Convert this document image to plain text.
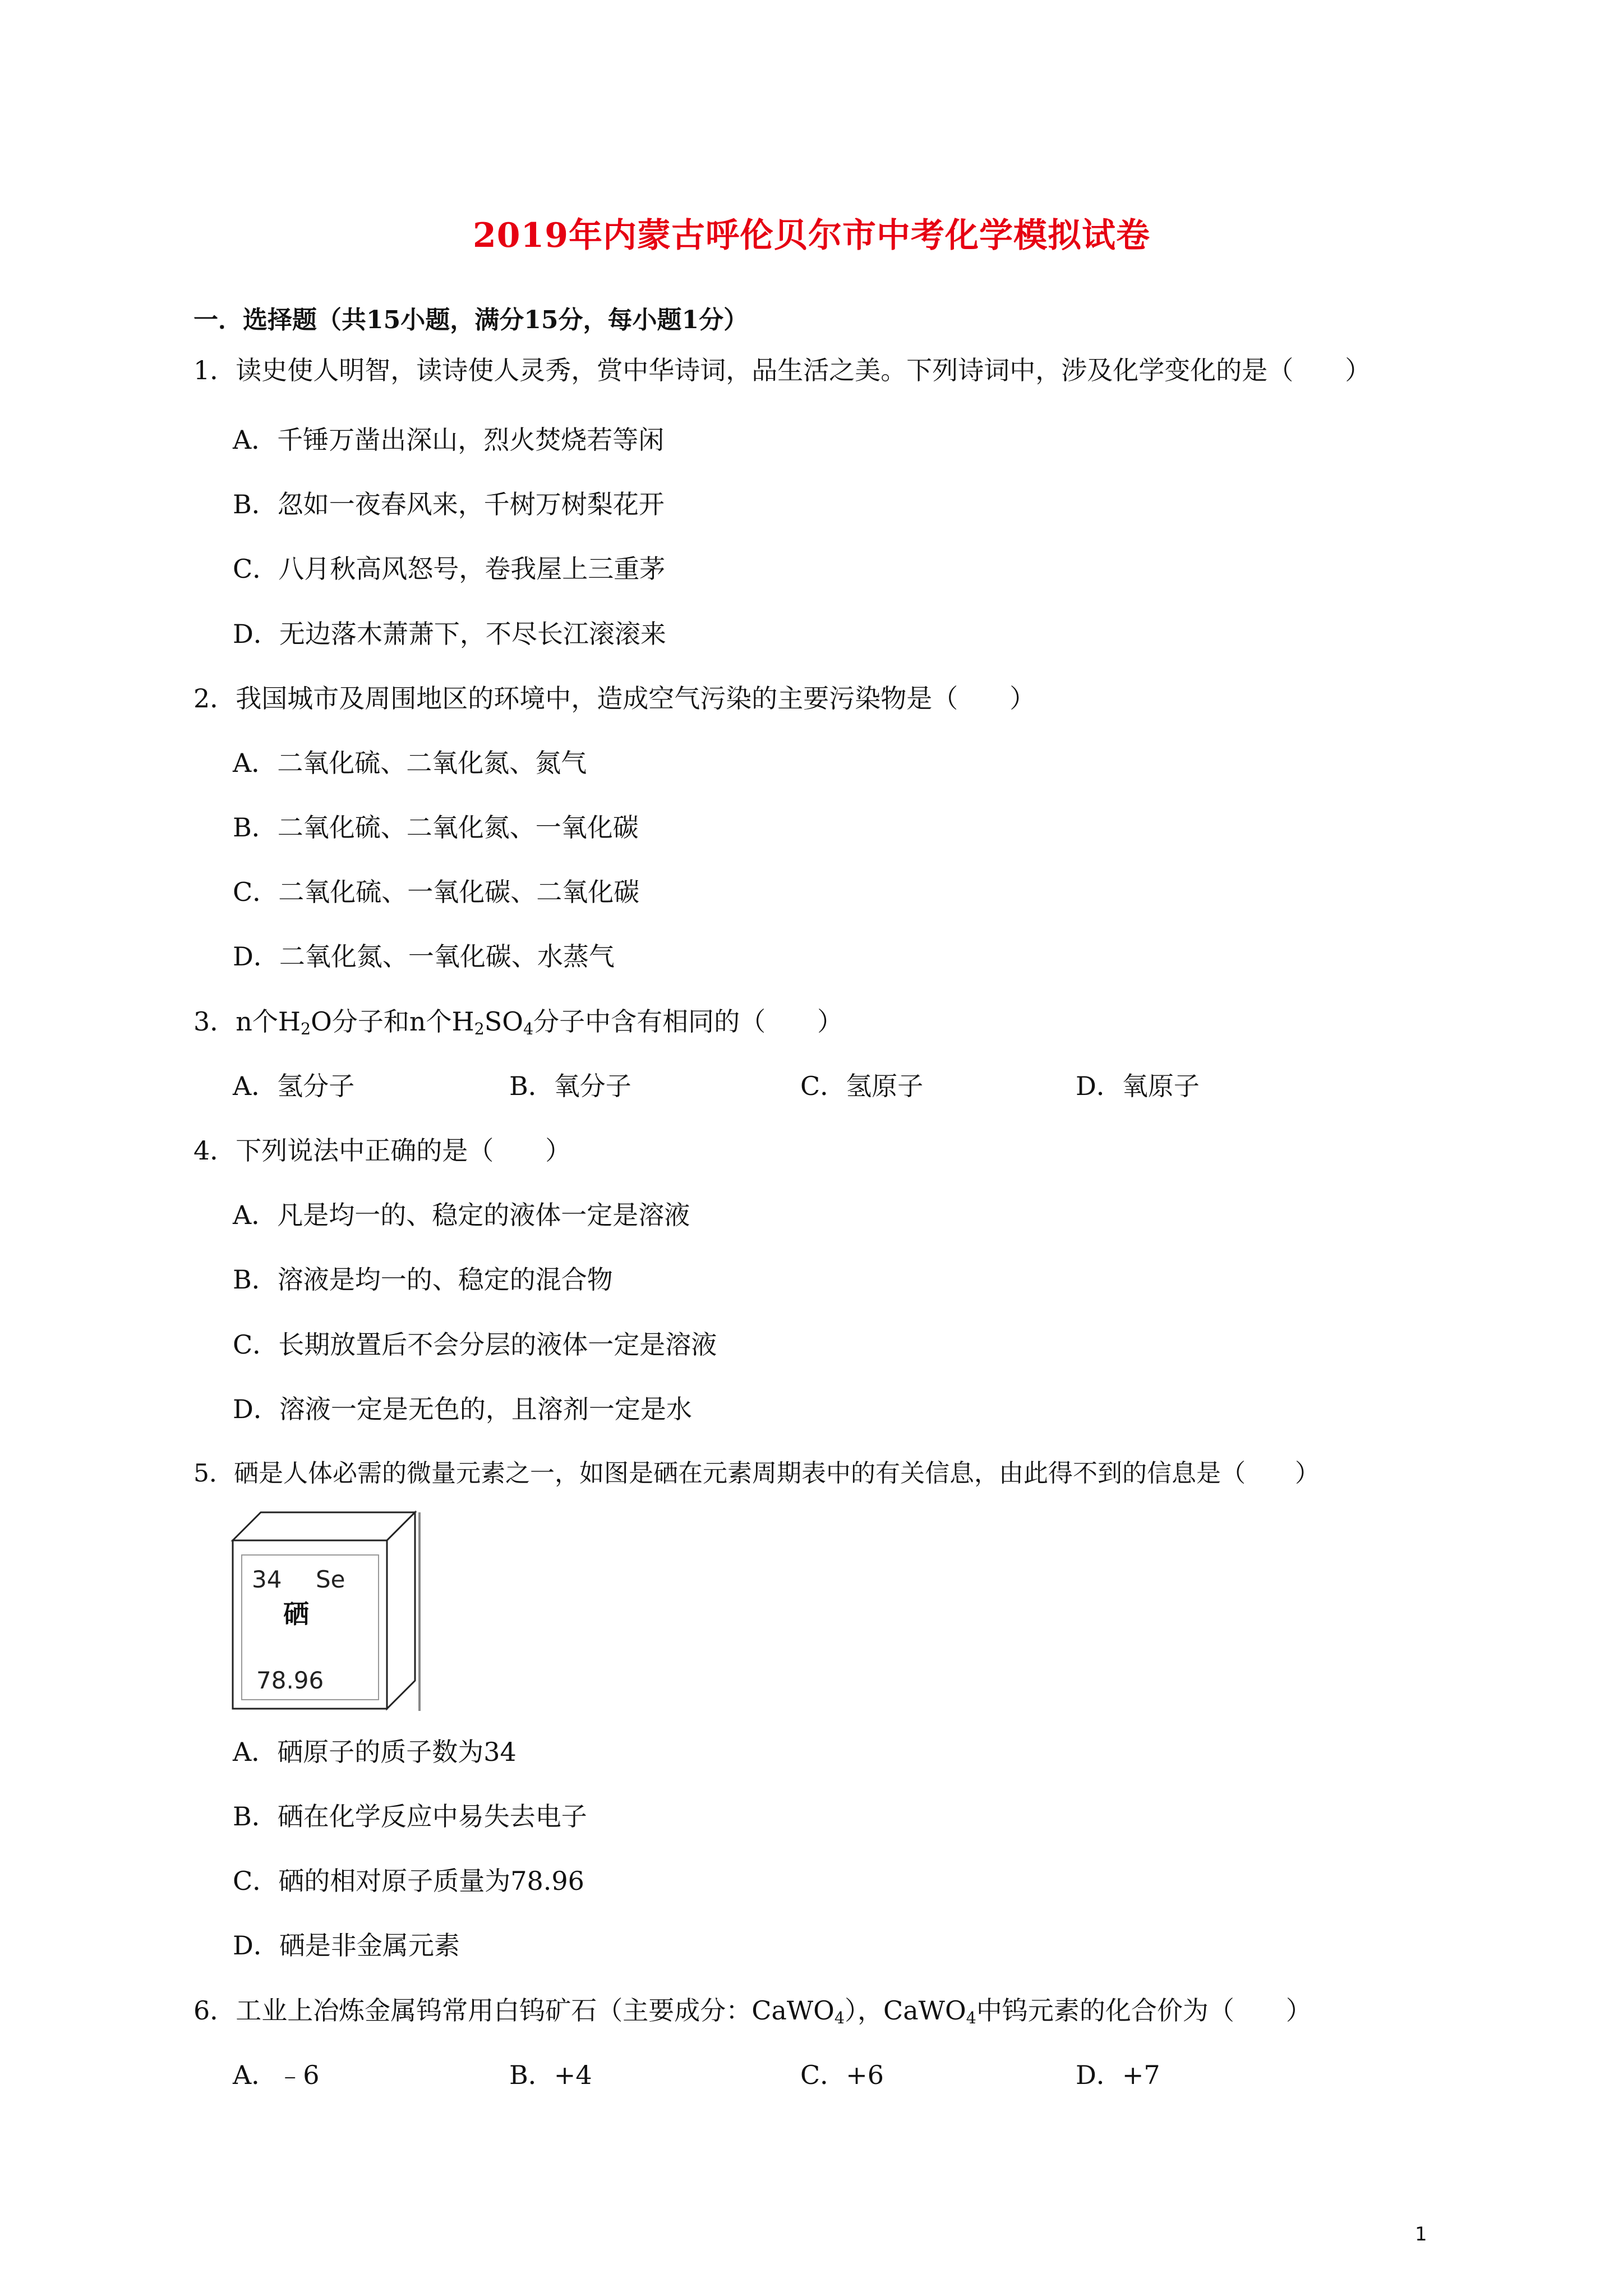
2019年内蒙古呼伦贝尔市中考化学模拟试卷
一．选择题（共15小题，满分15分，每小题1分）
1．读史使人明智，读诗使人灵秀，赏中华诗词，品生活之美。下列诗词中，涉及化学变化的是（　　）
A．千锤万凿出深山，烈火焚烧若等闲
B．忽如一夜春风来，千树万树梨花开
C．八月秋高风怒号，卷我屋上三重茅
D．无边落木萧萧下，不尽长江滚滚来
2．我国城市及周围地区的环境中，造成空气污染的主要污染物是（　　）
A．二氧化硫、二氧化氮、氮气
B．二氧化硫、二氧化氮、一氧化碳
C．二氧化硫、一氧化碳、二氧化碳
D．二氧化氮、一氧化碳、水蒸气
3．n个$H_2O$分子和n个$H_2SO_4$分子中含有相同的（　　）
A．氢分子	B．氧分子	C．氢原子	D．氧原子
4．下列说法中正确的是（　　）
A．凡是均一的、稳定的液体一定是溶液
B．溶液是均一的、稳定的混合物
C．长期放置后不会分层的液体一定是溶液
D．溶液一定是无色的，且溶剂一定是水
5．硒是人体必需的微量元素之一，如图是硒在元素周期表中的有关信息，由此得不到的信息是（　　）
34 Se
硒
78.96
A．硒原子的质子数为34
B．硒在化学反应中易失去电子
C．硒的相对原子质量为78.96
D．硒是非金属元素
6．工业上冶炼金属钨常用白钨矿石（主要成分：CaWO$_4$），CaWO$_4$中钨元素的化合价为（　　）
A．﹣6	B．+4	C．+6	D．+7
1
